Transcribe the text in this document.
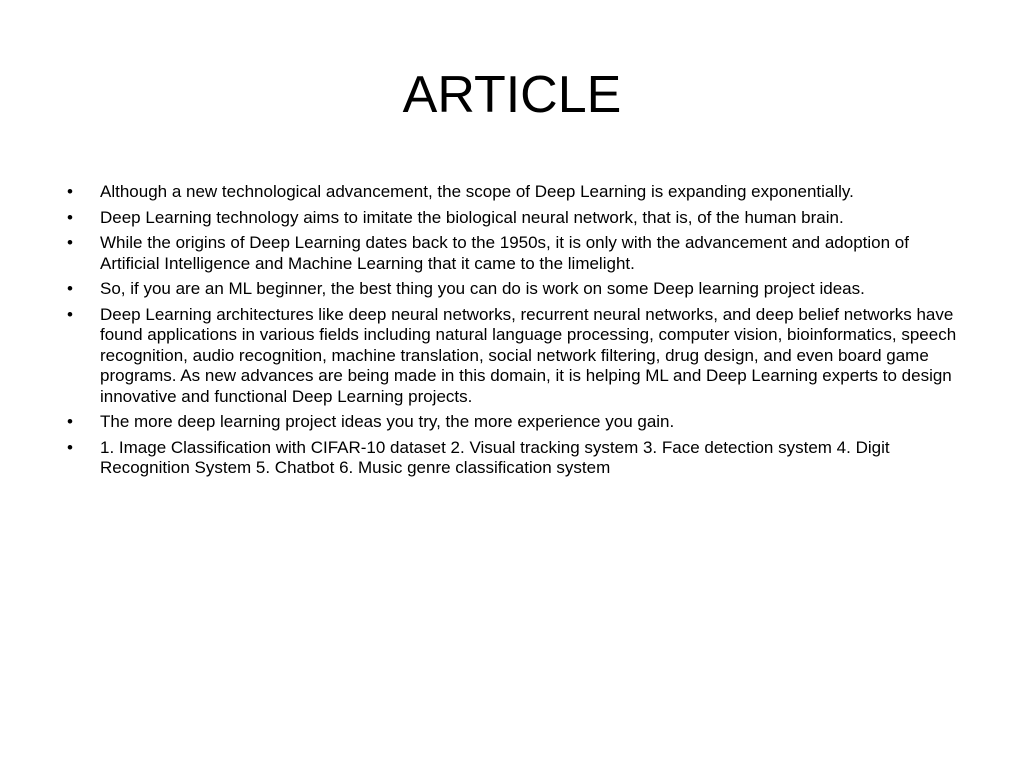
ARTICLE
•	Although a new technological advancement, the scope of Deep Learning is expanding exponentially.
•	Deep Learning technology aims to imitate the biological neural network, that is, of the human brain.
•	While the origins of Deep Learning dates back to the 1950s, it is only with the advancement and adoption of Artificial Intelligence and Machine Learning that it came to the limelight.
•	So, if you are an ML beginner, the best thing you can do is work on some Deep learning project ideas.
•	Deep Learning architectures like deep neural networks, recurrent neural networks, and deep belief networks have found applications in various fields including natural language processing, computer vision, bioinformatics, speech recognition, audio recognition, machine translation, social network filtering, drug design, and even board game programs. As new advances are being made in this domain, it is helping ML and Deep Learning experts to design innovative and functional Deep Learning projects.
•	The more deep learning project ideas you try, the more experience you gain.
•	1. Image Classification with CIFAR-10 dataset 2. Visual tracking system 3. Face detection system 4. Digit Recognition System 5. Chatbot 6. Music genre classification system
